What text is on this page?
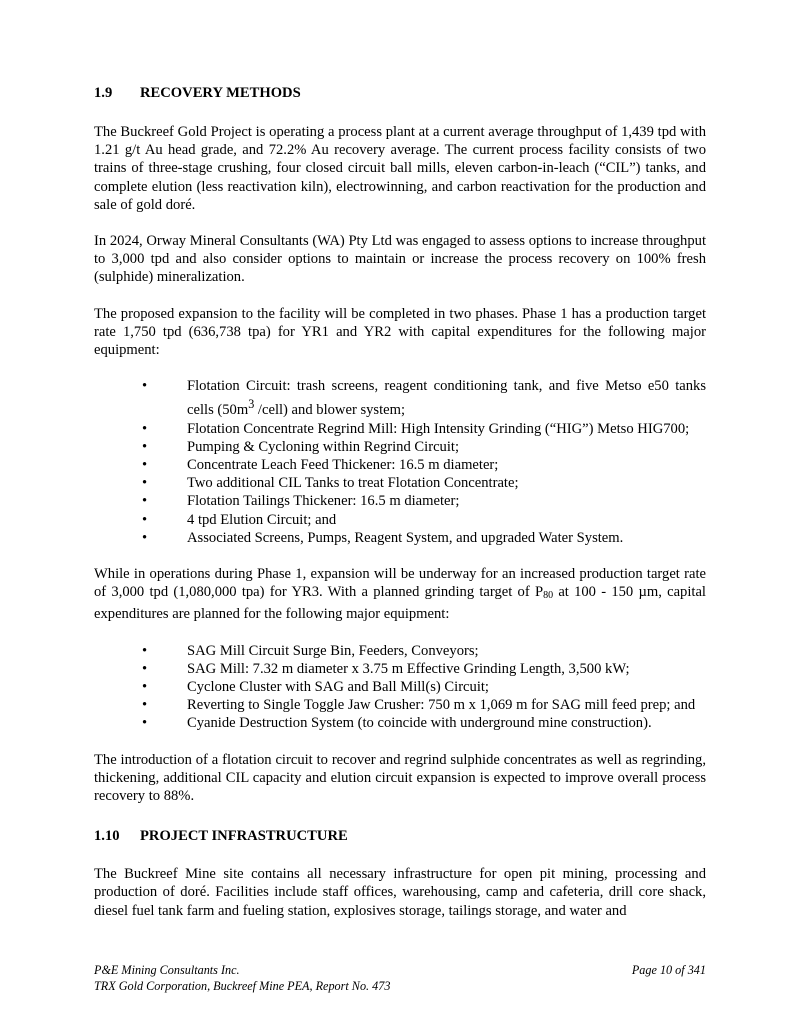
1.9 RECOVERY METHODS

The Buckreef Gold Project is operating a process plant at a current average throughput of 1,439 tpd with 1.21 g/t Au head grade, and 72.2% Au recovery average. The current process facility consists of two trains of three-stage crushing, four closed circuit ball mills, eleven carbon-in-leach (“CIL”) tanks, and complete elution (less reactivation kiln), electrowinning, and carbon reactivation for the production and sale of gold doré.

In 2024, Orway Mineral Consultants (WA) Pty Ltd was engaged to assess options to increase throughput to 3,000 tpd and also consider options to maintain or increase the process recovery on 100% fresh (sulphide) mineralization.

The proposed expansion to the facility will be completed in two phases. Phase 1 has a production target rate 1,750 tpd (636,738 tpa) for YR1 and YR2 with capital expenditures for the following major equipment:

•	Flotation Circuit: trash screens, reagent conditioning tank, and five Metso e50 tanks cells ($50m^3$ /cell) and blower system;
•	Flotation Concentrate Regrind Mill: High Intensity Grinding (“HIG”) Metso HIG700;
•	Pumping & Cycloning within Regrind Circuit;
•	Concentrate Leach Feed Thickener: 16.5 m diameter;
•	Two additional CIL Tanks to treat Flotation Concentrate;
•	Flotation Tailings Thickener: 16.5 m diameter;
•	4 tpd Elution Circuit; and
•	Associated Screens, Pumps, Reagent System, and upgraded Water System.

While in operations during Phase 1, expansion will be underway for an increased production target rate of 3,000 tpd (1,080,000 tpa) for YR3. With a planned grinding target of P80 at 100 - 150 µm, capital expenditures are planned for the following major equipment:

•	SAG Mill Circuit Surge Bin, Feeders, Conveyors;
•	SAG Mill: 7.32 m diameter x 3.75 m Effective Grinding Length, 3,500 kW;
•	Cyclone Cluster with SAG and Ball Mill(s) Circuit;
•	Reverting to Single Toggle Jaw Crusher: 750 m x 1,069 m for SAG mill feed prep; and
•	Cyanide Destruction System (to coincide with underground mine construction).

The introduction of a flotation circuit to recover and regrind sulphide concentrates as well as regrinding, thickening, additional CIL capacity and elution circuit expansion is expected to improve overall process recovery to 88%.

1.10 PROJECT INFRASTRUCTURE

The Buckreef Mine site contains all necessary infrastructure for open pit mining, processing and production of doré. Facilities include staff offices, warehousing, camp and cafeteria, drill core shack, diesel fuel tank farm and fueling station, explosives storage, tailings storage, and water and

P&E Mining Consultants Inc.
TRX Gold Corporation, Buckreef Mine PEA, Report No. 473
Page 10 of 341
